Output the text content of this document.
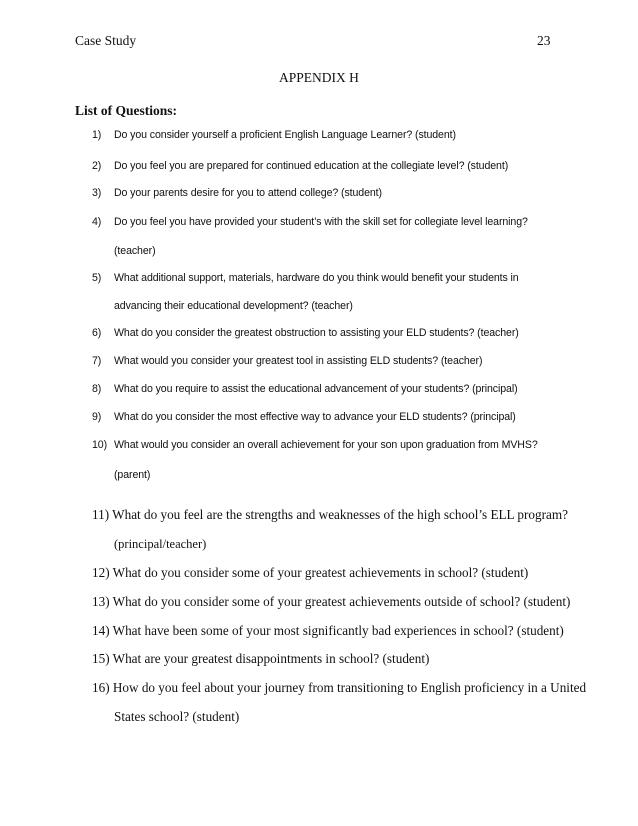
Case Study	23
APPENDIX H
List of Questions:
1) Do you consider yourself a proficient English Language Learner? (student)
2) Do you feel you are prepared for continued education at the collegiate level? (student)
3) Do your parents desire for you to attend college? (student)
4) Do you feel you have provided your student’s with the skill set for collegiate level learning?
(teacher)
5) What additional support, materials, hardware do you think would benefit your students in
advancing their educational development? (teacher)
6) What do you consider the greatest obstruction to assisting your ELD students? (teacher)
7) What would you consider your greatest tool in assisting ELD students? (teacher)
8) What do you require to assist the educational advancement of your students? (principal)
9) What do you consider the most effective way to advance your ELD students? (principal)
10) What would you consider an overall achievement for your son upon graduation from MVHS?
(parent)
11) What do you feel are the strengths and weaknesses of the high school’s ELL program?
(principal/teacher)
12) What do you consider some of your greatest achievements in school? (student)
13) What do you consider some of your greatest achievements outside of school? (student)
14) What have been some of your most significantly bad experiences in school? (student)
15) What are your greatest disappointments in school? (student)
16) How do you feel about your journey from transitioning to English proficiency in a United
States school? (student)
